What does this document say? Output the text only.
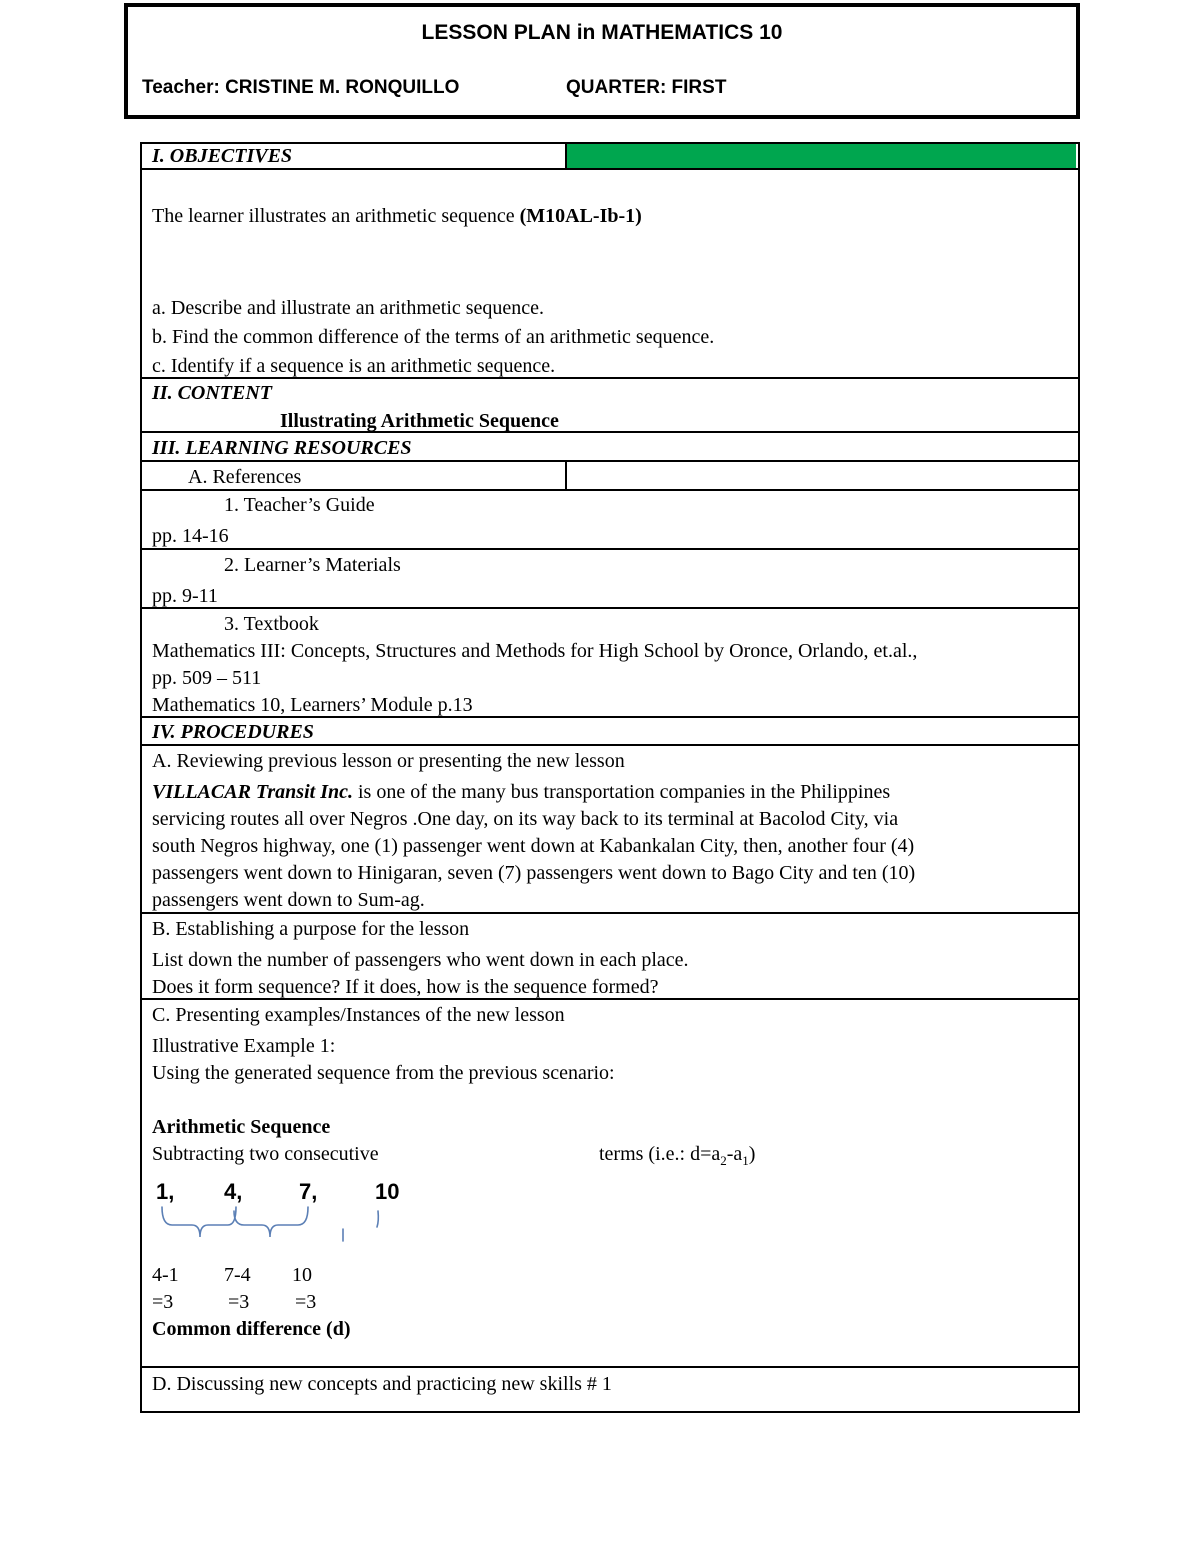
LESSON PLAN in MATHEMATICS 10
Teacher: CRISTINE M. RONQUILLO	QUARTER: FIRST
I. OBJECTIVES
The learner illustrates an arithmetic sequence (M10AL-Ib-1)
a. Describe and illustrate an arithmetic sequence.
b. Find the common difference of the terms of an arithmetic sequence.
c. Identify if a sequence is an arithmetic sequence.
II. CONTENT
Illustrating Arithmetic Sequence
III. LEARNING RESOURCES
A. References
1. Teacher’s Guide
pp. 14-16
2. Learner’s Materials
pp. 9-11
3. Textbook
Mathematics III: Concepts, Structures and Methods for High School by Oronce, Orlando, et.al.,
pp. 509 – 511
Mathematics 10, Learners’ Module p.13
IV. PROCEDURES
A. Reviewing previous lesson or presenting the new lesson
VILLACAR Transit Inc. is one of the many bus transportation companies in the Philippines
servicing routes all over Negros .One day, on its way back to its terminal at Bacolod City, via
south Negros highway, one (1) passenger went down at Kabankalan City, then, another four (4)
passengers went down to Hinigaran, seven (7) passengers went down to Bago City and ten (10)
passengers went down to Sum-ag.
B. Establishing a purpose for the lesson
List down the number of passengers who went down in each place.
Does it form sequence? If it does, how is the sequence formed?
C. Presenting examples/Instances of the new lesson
Illustrative Example 1:
Using the generated sequence from the previous scenario:
Arithmetic Sequence
Subtracting two consecutive	terms (i.e.: $d=a_2-a_1$)
1, 4,	7,	10
4-1 7-4 10
=3	=3 =3
Common difference (d)
D. Discussing new concepts and practicing new skills # 1
